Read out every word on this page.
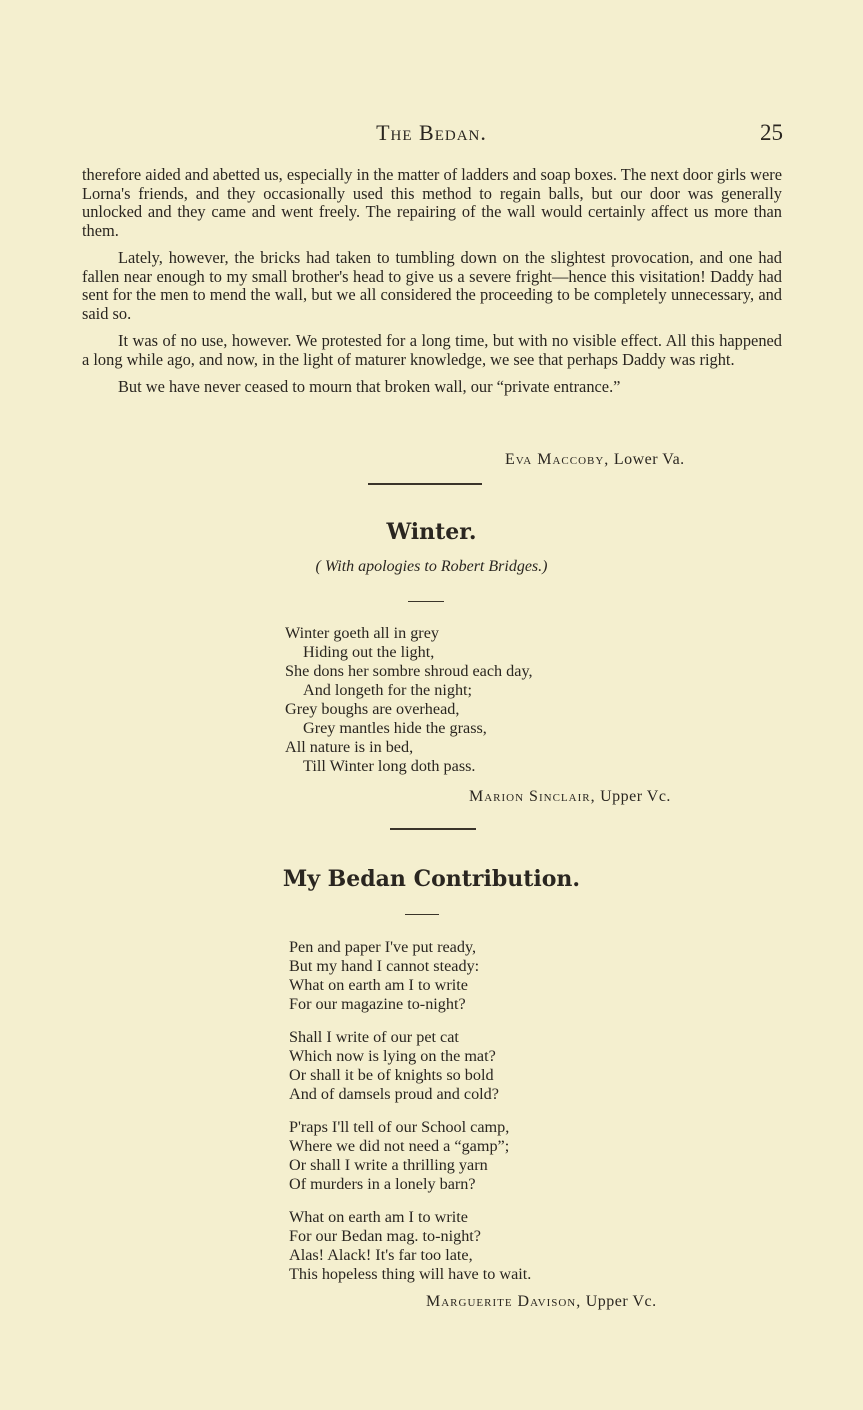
The Bedan.	25

therefore aided and abetted us, especially in the matter of ladders and soap boxes. The next door girls were Lorna's friends, and they occasionally used this method to regain balls, but our door was generally unlocked and they came and went freely. The repairing of the wall would certainly affect us more than them.

Lately, however, the bricks had taken to tumbling down on the slightest provocation, and one had fallen near enough to my small brother's head to give us a severe fright—hence this visitation! Daddy had sent for the men to mend the wall, but we all considered the proceeding to be completely unnecessary, and said so.

It was of no use, however. We protested for a long time, but with no visible effect. All this happened a long while ago, and now, in the light of maturer knowledge, we see that perhaps Daddy was right.

But we have never ceased to mourn that broken wall, our “private entrance.”

Eva Maccoby, Lower Va.
Winter.
( With apologies to Robert Bridges.)
Winter goeth all in grey
Hiding out the light,
She dons her sombre shroud each day,
And longeth for the night;
Grey boughs are overhead,
Grey mantles hide the grass,
All nature is in bed,
Till Winter long doth pass.
Marion Sinclair, Upper Vc.
My Bedan Contribution.
Pen and paper I've put ready,
But my hand I cannot steady:
What on earth am I to write
For our magazine to-night?
Shall I write of our pet cat
Which now is lying on the mat?
Or shall it be of knights so bold
And of damsels proud and cold?
P'raps I'll tell of our School camp,
Where we did not need a “gamp”;
Or shall I write a thrilling yarn
Of murders in a lonely barn?
What on earth am I to write
For our Bedan mag. to-night?
Alas! Alack! It's far too late,
This hopeless thing will have to wait.
Marguerite Davison, Upper Vc.
